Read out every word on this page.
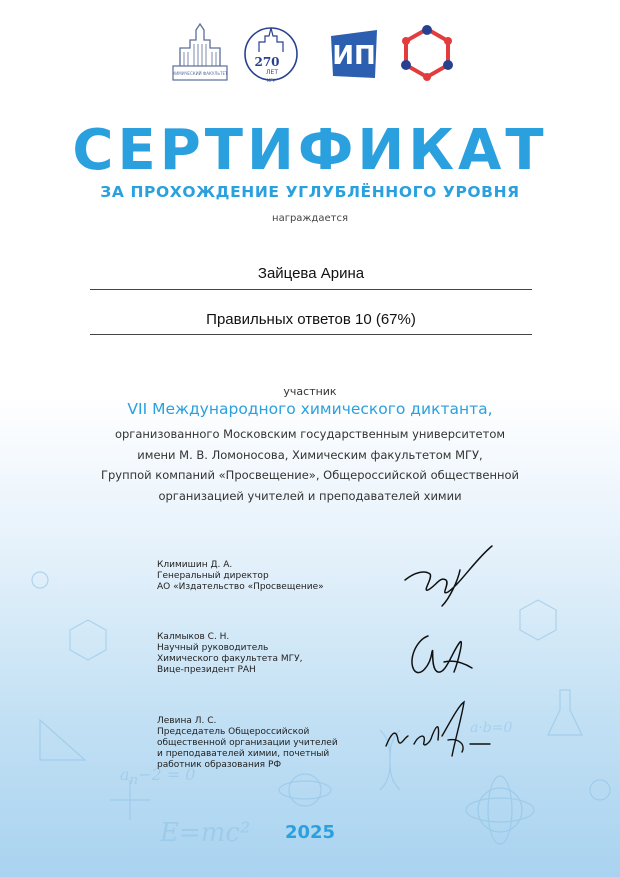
$a_n-2 = 0$
E=mc²
a·b=0
ХИМИЧЕСКИЙ ФАКУЛЬТЕТ
270
ЛЕТ
МГУ
ИП
СЕРТИФИКАТ
ЗА ПРОХОЖДЕНИЕ УГЛУБЛЁННОГО УРОВНЯ
награждается
Зайцева Арина
Правильных ответов 10 (67%)
участник
VII Международного химического диктанта,
организованного Московским государственным университетом
имени М. В. Ломоносова, Химическим факультетом МГУ,
Группой компаний «Просвещение», Общероссийской общественной
организацией учителей и преподавателей химии
Климишин Д. А.
Генеральный директор
АО «Издательство «Просвещение»
Калмыков С. Н.
Научный руководитель
Химического факультета МГУ,
Вице-президент РАН
Левина Л. С.
Председатель Общероссийской
общественной организации учителей
и преподавателей химии, почетный
работник образования РФ
2025
